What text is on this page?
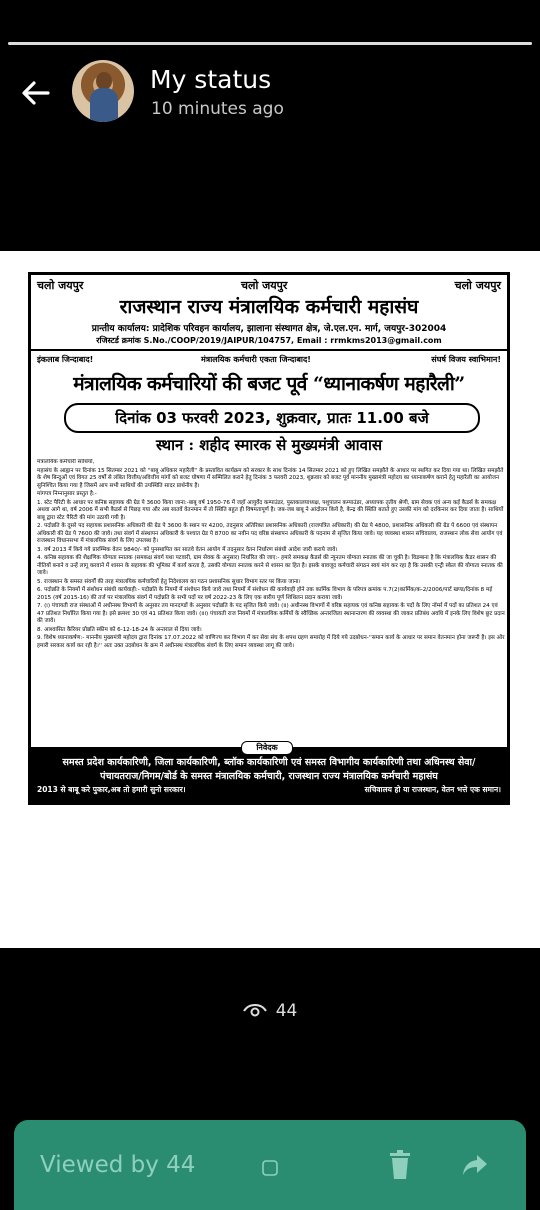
My status
10 minutes ago
चलो जयपुर	चलो जयपुर	चलो जयपुर
राजस्थान राज्य मंत्रालयिक कर्मचारी महासंघ
प्रान्तीय कार्यालय: प्रादेशिक परिवहन कार्यालय, झालाना संस्थागत क्षेत्र, जे.एल.एन. मार्ग, जयपुर-302004
रजिस्टर्ड क्रमांक S.No./COOP/2019/JAIPUR/104757, Email : rrmkms2013@gmail.com
इंकलाब जिन्दाबाद!	मंत्रालयिक कर्मचारी एकता जिन्दाबाद!	संघर्ष विजय स्वाभिमान!
मंत्रालयिक कर्मचारियों की बजट पूर्व “ध्यानाकर्षण महारैली”
दिनांक 03 फरवरी 2023, शुक्रवार, प्रातः 11.00 बजे
स्थान : शहीद स्मारक से मुख्यमंत्री आवास

मंत्रालयिक कर्मचारी साथियों,

महासंघ के आह्वान पर दिनांक 15 सितम्बर 2021 को ''बाबू अधिकार महारैली'' के प्रस्तावित कार्यक्रम को सरकार के साथ दिनांक 14 सितम्बर 2021 को हुए लिखित समझौते के आधार पर स्थगित कर दिया गया था। लिखित समझौते के शेष बिन्दुओं एवं विगत 25 वर्षों से लंबित वित्तीय/अवित्तीय मांगों को बजट घोषणा में सम्मिलित कराने हेतु दिनांक 3 फरवरी 2023, शुक्रवार को बजट पूर्व माननीय मुख्यमंत्री महोदय का ध्यानाकर्षण कराने हेतु महारैली का आयोजन सुनिश्चित किया गया है जिसमें आप सभी साथियों की उपस्थिति सादर प्रार्थनीय है।

मांगपत्र निम्नानुसार प्रस्तुत है:-

1. स्टेट पैरिटी के आधार पर कनिष्ठ सहायक की ग्रेड पे 3600 किया जाना:-बाबू वर्ष 1950-76 में जहाँ आयुर्वेद कम्पाउंडर, पुस्तकालयाध्यक्ष, पशुपालन कम्पाउंडर, अध्यापक तृतीय श्रेणी, ग्राम सेवक एवं अन्य कई कैडर्स के समकक्ष अथवा आगे था, वर्ष 2006 में सभी कैडर्स से पिछड़ गया और अब सातवें वेतनमान में तो स्थिति बहुत ही विषमतापूर्ण है। जब-जब बाबू ने आंदोलन किये है, केन्द्र की स्थिति बताते हुए उसकी मांग को दरकिनार कर दिया जाता है। साथियों बाबू द्वारा स्टेट पैरिटी की मांग उठायी गयी है।

2. पदोन्नति के दूसरे पद सहायक प्रशासनिक अधिकारी की ग्रेड पे 3600 के स्थान पर 4200, तदनुसार अतिरिक्त प्रशासनिक अधिकारी (राजपत्रित अधिकारी) की ग्रेड पे 4800, प्रशासनिक अधिकारी की ग्रेड पे 6600 एवं संस्थापन अधिकारी की ग्रेड पे 7600 की जावे। तथा संवर्ग में संस्थापन अधिकारी के पश्चात ग्रेड पे 8700 का नवीन पद वरिष्ठ संस्थापन अधिकारी के पदनाम से सृजित किया जावे। यह व्यवस्था शासन सचिवालय, राजस्थान लोक सेवा आयोग एवं राजस्थान विधानसभा में मंत्रालयिक संवर्ग के लिए उपलब्ध है।

3. वर्ष 2013 में किये गये प्रारम्भिक वेतन 9840/- को पुनस्थापित कर सातवे वेतन आयोग में तदनुसार वेतन निर्धारण संबंधी आदेश जारी कराये जावे।

4. कनिष्ठ सहायक की शैक्षणिक योग्यता स्नातक (समकक्ष संवर्ग यथा पटवारी, ग्राम सेवक के अनुसार) निर्धारित की जाए:- हमारे समकक्ष कैडर्स की न्यूनतम योग्यता स्नातक की जा चुकी है। विडम्बना है कि मंत्रालयिक कैडर शासन की नीतियों बनाने व उन्हें लागू करवाने में शासन के सहायक की भूमिका में कार्य करता है, उसकी योग्यता स्नातक करने से शासन का हित है। इसके बावजूद कर्मचारी संगठन स्वयं मांग कर रहा है कि उसकी एन्ट्री स्केल की योग्यता स्नातक की जावे।

5. राजस्थान के समस्त संवर्गों की तरह मंत्रालयिक कर्मचारियों हेतु निदेशालय का गठन प्रशासनिक सुधार विभाग स्तर पर किया जाना।

6. पदोन्नति के नियमों में संशोधन संबंधी कार्यवाही:- पदोन्नति के नियमों में संशोधन किये जावे तथा नियमों में संशोधन की कार्यवाही होने तक कार्मिक विभाग के परिपत्र क्रमांक प.7(2)कार्मिक/क-2/2006/पार्ट खण्ड/दिनांक 8 मई 2015 (वर्ष 2015-16) की तर्ज पर मंत्रालयिक संवर्ग में पदोन्नति के सभी पदों पर वर्ष 2022-23 के लिए एक बारीय पूर्ण शिथिलन प्रदान कराया जावे।

7. (i) पंचायती राज संस्थाओं में अधीनस्थ विभागों के अनुसार तय मानदण्डों के अनुसार पदोन्नति के पद सृजित किये जावे। (ii) अधीनस्थ विभागों में वरिष्ठ सहायक एवं कनिष्ठ सहायक के पदों के लिए नॉर्म्स में पदों का प्रतिशत 24 एवं 47 प्रतिशत निर्धारित किया गया है। इसे क्रमशः 30 एवं 41 प्रतिशत किया जावे। (iii) पंचायती राज नियमों में मंत्रालयिक कर्मियों के स्वैच्छिक अन्तरजिला स्थानान्तरण की व्यवस्था की जाकर प्रतिबंध अवधि में इनके लिए विशेष छूट प्रदान की जावे।

8. आश्वासित कैरियर प्रोन्नति स्कीम को 6-12-18-24 के अन्तराल से दिया जावे।

9. विशेष ध्यानाकर्षण:- माननीय मुख्यमंत्री महोदय द्वारा दिनांक 17.07.2022 को वाणिज्य कर विभाग में कर सेवा संघ के शपथ ग्रहण समारोह में दिये गये उदबोधन-''समान कार्य के आधार पर समान वेतनमान होना जरूरी है। इस ओर हमारी सरकार कार्य कर रही है।'' अतः उक्त उदबोधन के क्रम में अधीनस्थ मंत्रालयिक संवर्ग के लिए समान व्यवस्था लागू की जावे।

निवेदक
समस्त प्रदेश कार्यकारिणी, जिला कार्यकारिणी, ब्लॉक कार्यकारिणी एवं समस्त विभागीय कार्यकारिणी तथा अधिनस्थ सेवा/
पंचायतराज/निगम/बोर्ड के समस्त मंत्रालयिक कर्मचारी, राजस्थान राज्य मंत्रालयिक कर्मचारी महासंघ
2013 से बाबू करे पुकार,अब तो हमारी सुनो सरकार।	सचिवालय हो या राजस्थान, वेतन भत्ते एक समान।
44
Viewed by 44
